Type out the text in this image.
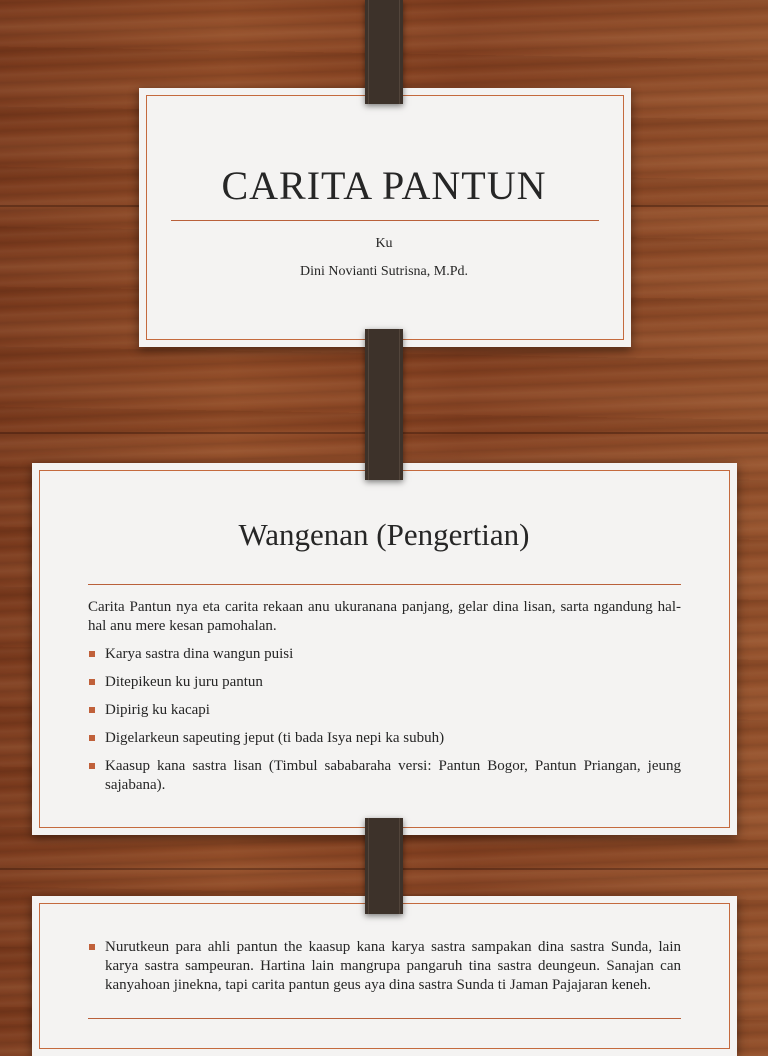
CARITA PANTUN
Ku
Dini Novianti Sutrisna, M.Pd.
Wangenan (Pengertian)
Carita Pantun nya eta carita rekaan anu ukuranana panjang, gelar dina lisan, sarta ngandung hal-hal anu mere kesan pamohalan.
Karya sastra dina wangun puisi
Ditepikeun ku juru pantun
Dipirig ku kacapi
Digelarkeun sapeuting jeput (ti bada Isya nepi ka subuh)
Kaasup kana sastra lisan (Timbul sababaraha versi: Pantun Bogor, Pantun Priangan, jeung sajabana).
Nurutkeun para ahli pantun the kaasup kana karya sastra sampakan dina sastra Sunda, lain karya sastra sampeuran. Hartina lain mangrupa pangaruh tina sastra deungeun. Sanajan can kanyahoan jinekna, tapi carita pantun geus aya dina sastra Sunda ti Jaman Pajajaran keneh.
